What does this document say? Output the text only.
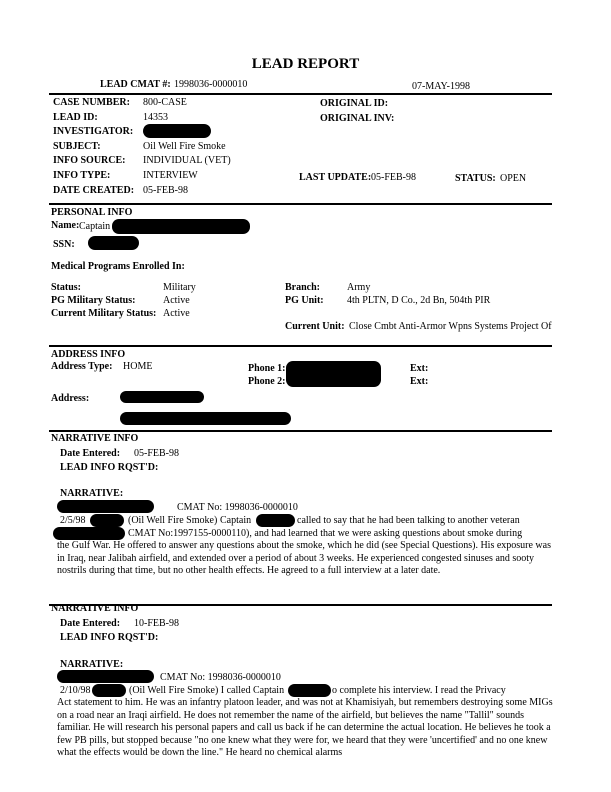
LEAD REPORT
LEAD CMAT #: 1998036-0000010	07-MAY-1998
CASE NUMBER: 800-CASE	ORIGINAL ID:
LEAD ID:	14353	ORIGINAL INV:
INVESTIGATOR:
SUBJECT:	Oil Well Fire Smoke
INFO SOURCE: INDIVIDUAL (VET)
INFO TYPE:	INTERVIEW	LAST UPDATE: 05-FEB-98	STATUS: OPEN
DATE CREATED: 05-FEB-98
PERSONAL INFO
Name: Captain
SSN:
Medical Programs Enrolled In:
Status:	Military
PG Military Status:	Active
Current Military Status: Active
Branch:	Army
PG Unit: 4th PLTN, D Co., 2d Bn, 504th PIR
Current Unit: Close Cmbt Anti-Armor Wpns Systems Project Of
ADDRESS INFO
Address Type: HOME	Phone 1:
Phone 2:
Ext:
Ext:
Address:
NARRATIVE INFO
Date Entered: 05-FEB-98
LEAD INFO RQST'D:
NARRATIVE:
CMAT No: 1998036-0000010
2/5/98	(Oil Well Fire Smoke) Captain	called to say that he had been talking to another veteran
CMAT No:1997155-0000110), and had learned that we were asking questions about smoke during
the Gulf War. He offered to answer any questions about the smoke, which he did (see Special Questions). His exposure was in Iraq, near Jalibah airfield, and extended over a period of about 3 weeks. He experienced congested sinuses and sooty nostrils during that time, but no other health effects. He agreed to a full interview at a later date.
NARRATIVE INFO
Date Entered: 10-FEB-98
LEAD INFO RQST'D:
NARRATIVE:
CMAT No: 1998036-0000010
2/10/98	(Oil Well Fire Smoke) I called Captain	o complete his interview. I read the Privacy
Act statement to him. He was an infantry platoon leader, and was not at Khamisiyah, but remembers destroying some MIGs on a road near an Iraqi airfield. He does not remember the name of the airfield, but believes the name "Tallil" sounds familiar. He will research his personal papers and call us back if he can determine the actual location. He believes he took a few PB pills, but stopped because "no one knew what they were for, we heard that they were 'uncertified' and no one knew what the effects would be down the line." He heard no chemical alarms
